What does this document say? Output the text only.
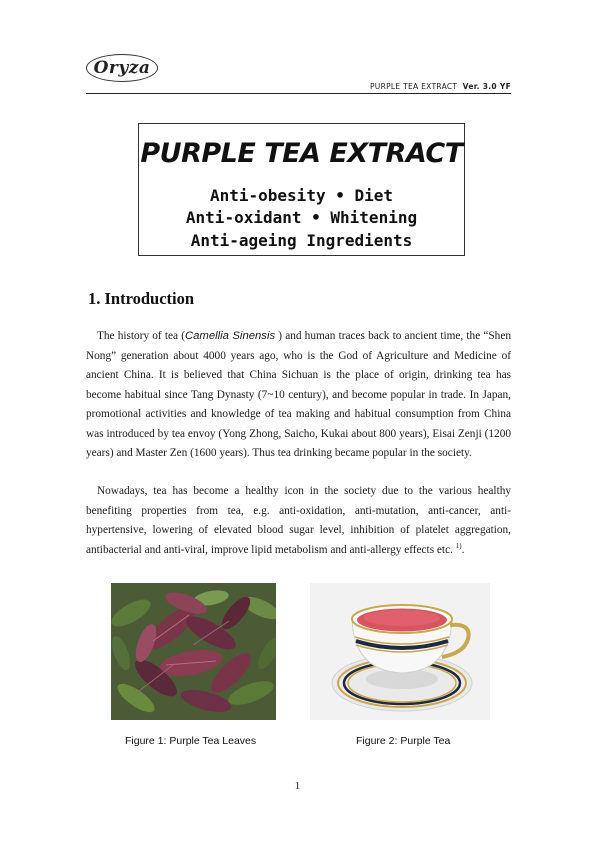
Oryza
PURPLE TEA EXTRACT Ver. 3.0 YF
PURPLE TEA EXTRACT
Anti-obesity • Diet
Anti-oxidant • Whitening
Anti-ageing Ingredients
1. Introduction

The history of tea (Camellia Sinensis ) and human traces back to ancient time, the “Shen Nong” generation about 4000 years ago, who is the God of Agriculture and Medicine of ancient China. It is believed that China Sichuan is the place of origin, drinking tea has become habitual since Tang Dynasty (7~10 century), and become popular in trade. In Japan, promotional activities and knowledge of tea making and habitual consumption from China was introduced by tea envoy (Yong Zhong, Saicho, Kukai about 800 years), Eisai Zenji (1200 years) and Master Zen (1600 years). Thus tea drinking became popular in the society.

Nowadays, tea has become a healthy icon in the society due to the various healthy benefiting properties from tea, e.g. anti-oxidation, anti-mutation, anti-cancer, anti-hypertensive, lowering of elevated blood sugar level, inhibition of platelet aggregation, antibacterial and anti-viral, improve lipid metabolism and anti-allergy effects etc. $^{1)}$.

Figure 1: Purple Tea Leaves	Figure 2: Purple Tea
1
